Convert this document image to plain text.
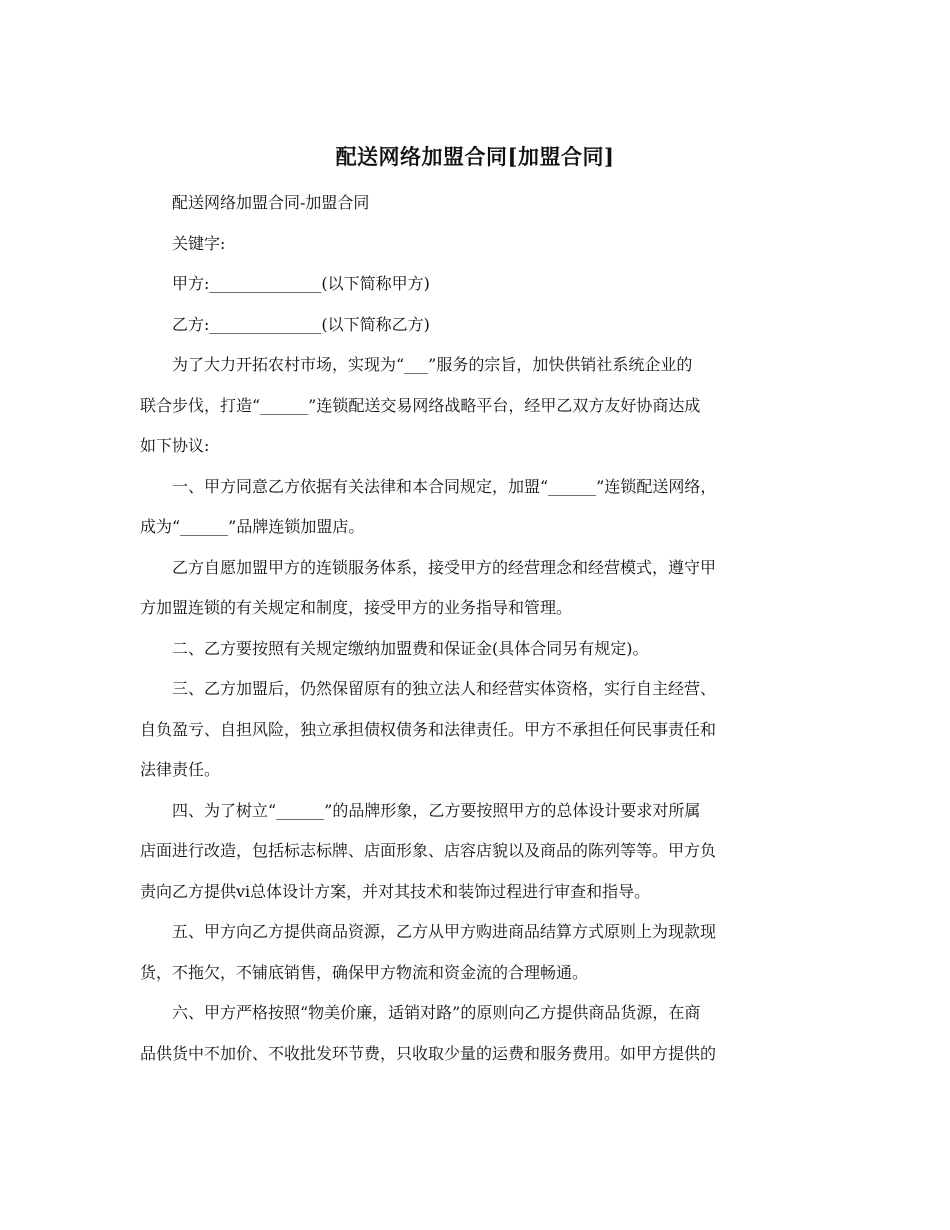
配送网络加盟合同[加盟合同]
配送网络加盟合同-加盟合同
关键字:
甲方:______________(以下简称甲方)
乙方:______________(以下简称乙方)
为了大力开拓农村市场，实现为“___”服务的宗旨，加快供销社系统企业的
联合步伐，打造“______”连锁配送交易网络战略平台，经甲乙双方友好协商达成
如下协议:
一、甲方同意乙方依据有关法律和本合同规定，加盟“______”连锁配送网络，
成为“______”品牌连锁加盟店。
乙方自愿加盟甲方的连锁服务体系，接受甲方的经营理念和经营模式，遵守甲
方加盟连锁的有关规定和制度，接受甲方的业务指导和管理。
二、乙方要按照有关规定缴纳加盟费和保证金(具体合同另有规定)。
三、乙方加盟后，仍然保留原有的独立法人和经营实体资格，实行自主经营、
自负盈亏、自担风险，独立承担债权债务和法律责任。甲方不承担任何民事责任和
法律责任。
四、为了树立“______”的品牌形象，乙方要按照甲方的总体设计要求对所属
店面进行改造，包括标志标牌、店面形象、店容店貌以及商品的陈列等等。甲方负
责向乙方提供vi总体设计方案，并对其技术和装饰过程进行审查和指导。
五、甲方向乙方提供商品资源，乙方从甲方购进商品结算方式原则上为现款现
货，不拖欠，不铺底销售，确保甲方物流和资金流的合理畅通。
六、甲方严格按照“物美价廉，适销对路”的原则向乙方提供商品货源，在商
品供货中不加价、不收批发环节费，只收取少量的运费和服务费用。如甲方提供的
